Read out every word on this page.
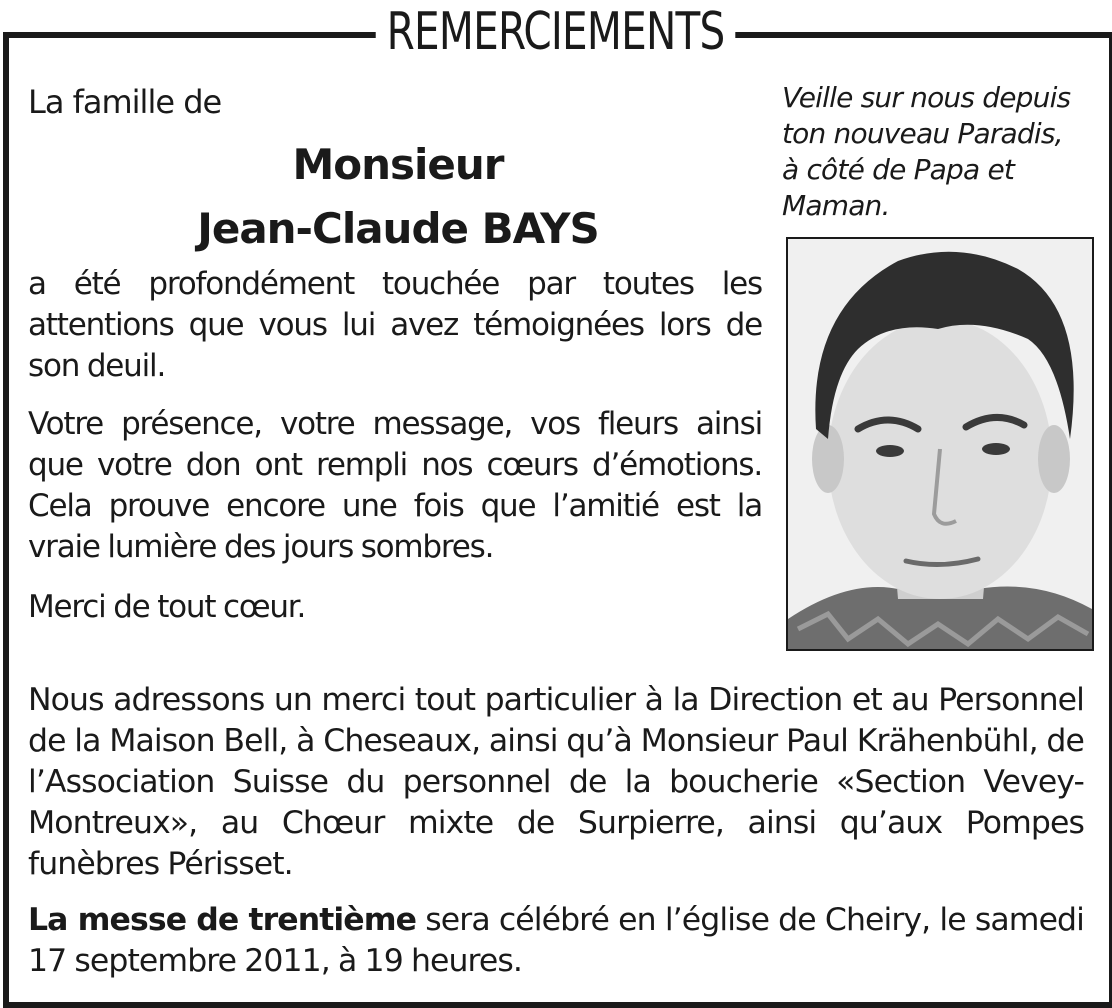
REMERCIEMENTS
La famille de
Monsieur
Jean-Claude BAYS
Veille sur nous depuis
ton nouveau Paradis,
à côté de Papa et
Maman.
a été profondément touchée par toutes les attentions que vous lui avez témoignées lors de son deuil.
Votre présence, votre message, vos fleurs ainsi que votre don ont rempli nos cœurs d’émotions. Cela prouve encore une fois que l’amitié est la vraie lumière des jours sombres.
Merci de tout cœur.
Nous adressons un merci tout particulier à la Direction et au Personnel de la Maison Bell, à Cheseaux, ainsi qu’à Monsieur Paul Krähenbühl, de l’Association Suisse du personnel de la boucherie «Section Vevey-Montreux», au Chœur mixte de Surpierre, ainsi qu’aux Pompes funèbres Périsset.
La messe de trentième sera célébré en l’église de Cheiry, le samedi 17 septembre 2011, à 19 heures.
